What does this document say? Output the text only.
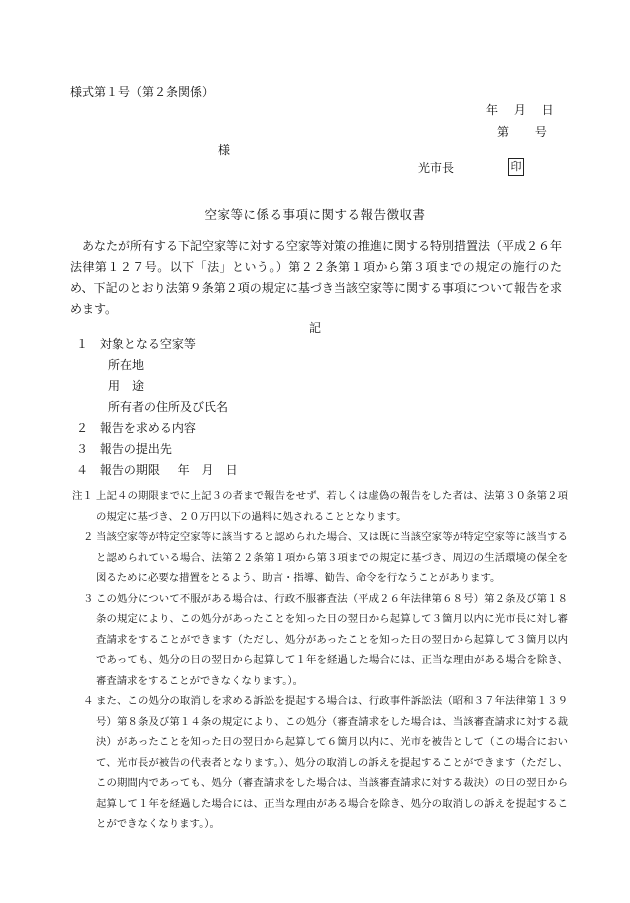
様式第１号（第２条関係）
年 月 日
第 号
様
光市長	印
空家等に係る事項に関する報告徴収書
あなたが所有する下記空家等に対する空家等対策の推進に関する特別措置法（平成２６年法律第１２７号。以下「法」という。）第２２条第１項から第３項までの規定の施行のため、下記のとおり法第９条第２項の規定に基づき当該空家等に関する事項について報告を求めます。
記
１ 対象となる空家等
所在地
用　途
所有者の住所及び氏名
２ 報告を求める内容
３ 報告の提出先
４ 報告の期限 年　月　日

注１ 上記４の期限までに上記３の者まで報告をせず、若しくは虚偽の報告をした者は、法第３０条第２項の規定に基づき、２０万円以下の過料に処されることとなります。

２ 当該空家等が特定空家等に該当すると認められた場合、又は既に当該空家等が特定空家等に該当すると認められている場合、法第２２条第１項から第３項までの規定に基づき、周辺の生活環境の保全を図るために必要な措置をとるよう、助言・指導、勧告、命令を行なうことがあります。

３ この処分について不服がある場合は、行政不服審査法（平成２６年法律第６８号）第２条及び第１８条の規定により、この処分があったことを知った日の翌日から起算して３箇月以内に光市長に対し審査請求をすることができます（ただし、処分があったことを知った日の翌日から起算して３箇月以内であっても、処分の日の翌日から起算して１年を経過した場合には、正当な理由がある場合を除き、審査請求をすることができなくなります。）。

４ また、この処分の取消しを求める訴訟を提起する場合は、行政事件訴訟法（昭和３７年法律第１３９号）第８条及び第１４条の規定により、この処分（審査請求をした場合は、当該審査請求に対する裁決）があったことを知った日の翌日から起算して６箇月以内に、光市を被告として（この場合において、光市長が被告の代表者となります。）、処分の取消しの訴えを提起することができます（ただし、この期間内であっても、処分（審査請求をした場合は、当該審査請求に対する裁決）の日の翌日から起算して１年を経過した場合には、正当な理由がある場合を除き、処分の取消しの訴えを提起することができなくなります。）。
